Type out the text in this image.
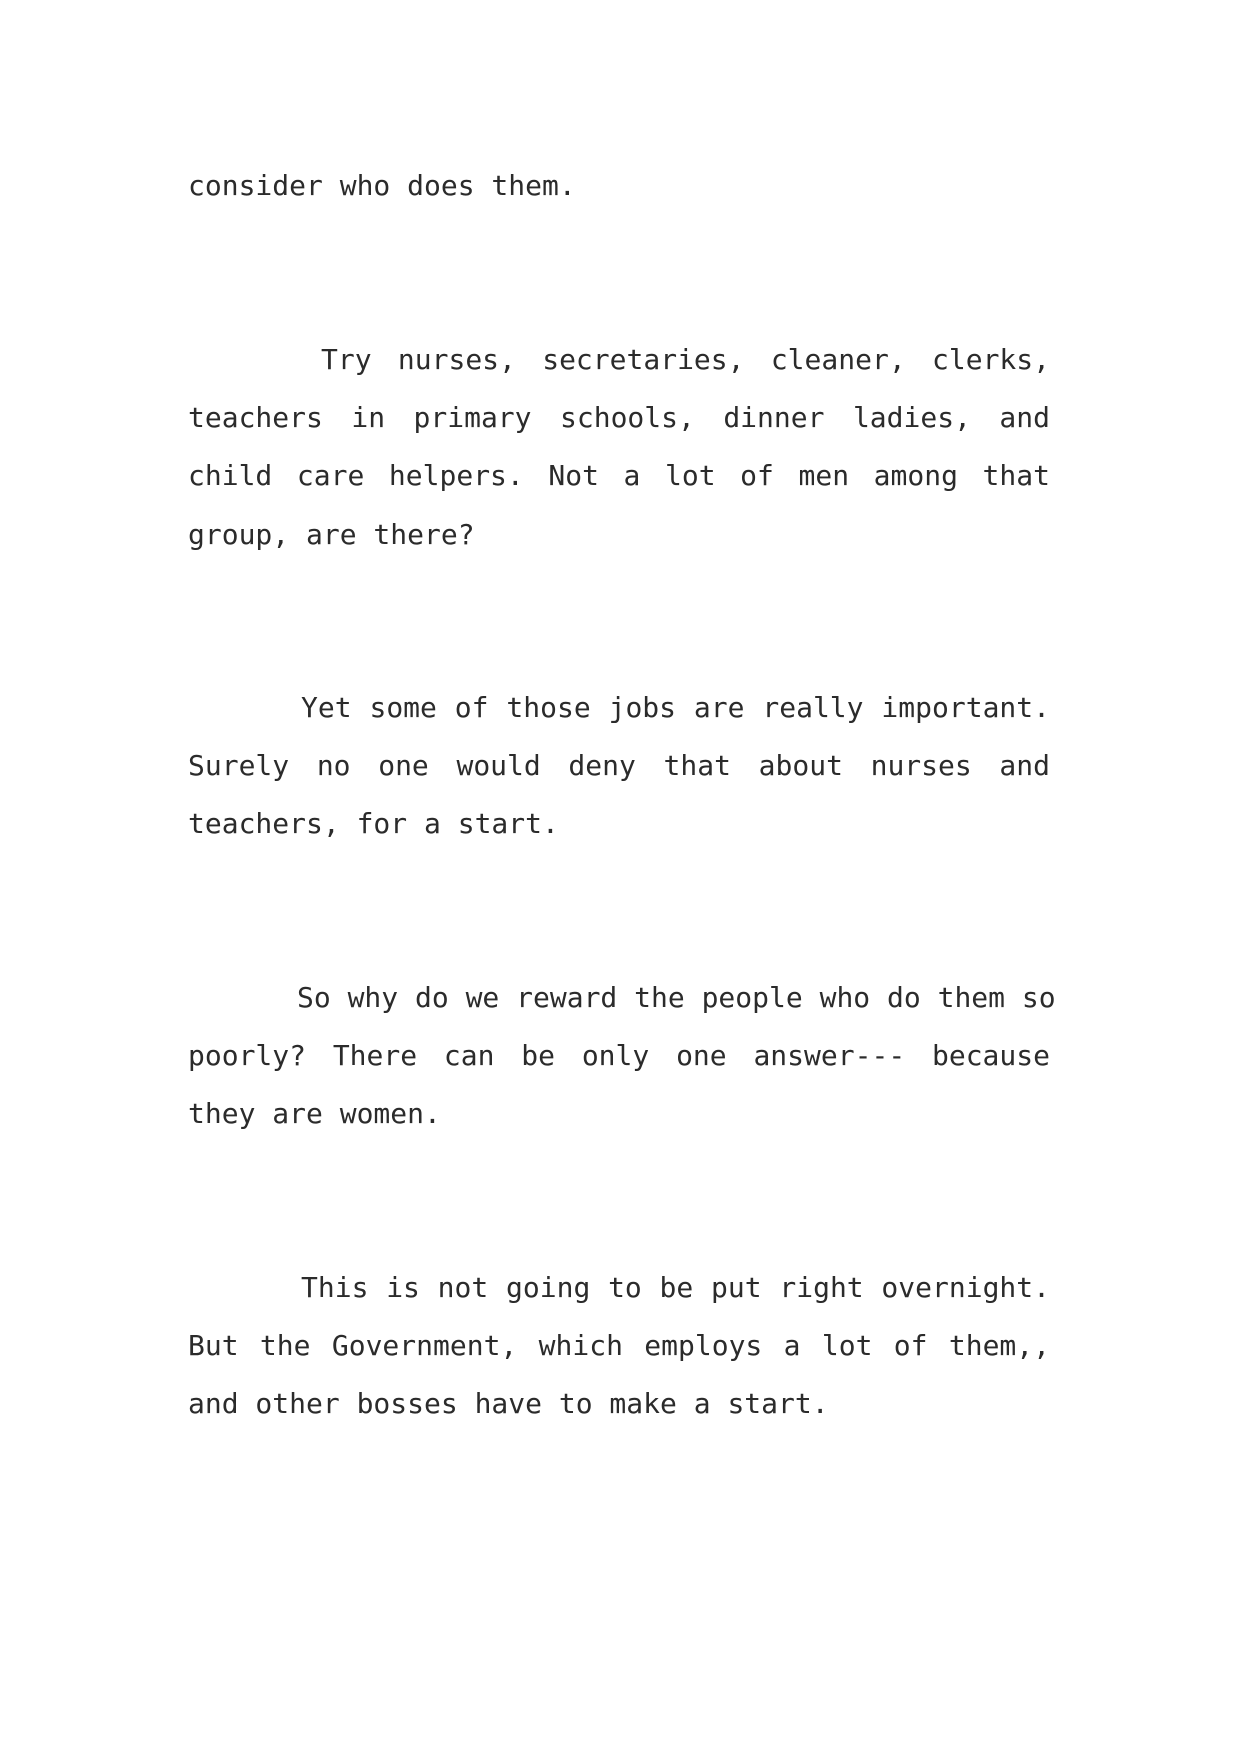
consider who does them.

Try nurses, secretaries, cleaner, clerks,

teachers in primary schools, dinner ladies, and

child care helpers. Not a lot of men among that

group, are there?

Yet some of those jobs are really important.

Surely no one would deny that about nurses and

teachers, for a start.

So why do we reward the people who do them so

poorly? There can be only one answer--- because

they are women.

This is not going to be put right overnight.

But the Government, which employs a lot of them,,

and other bosses have to make a start.
